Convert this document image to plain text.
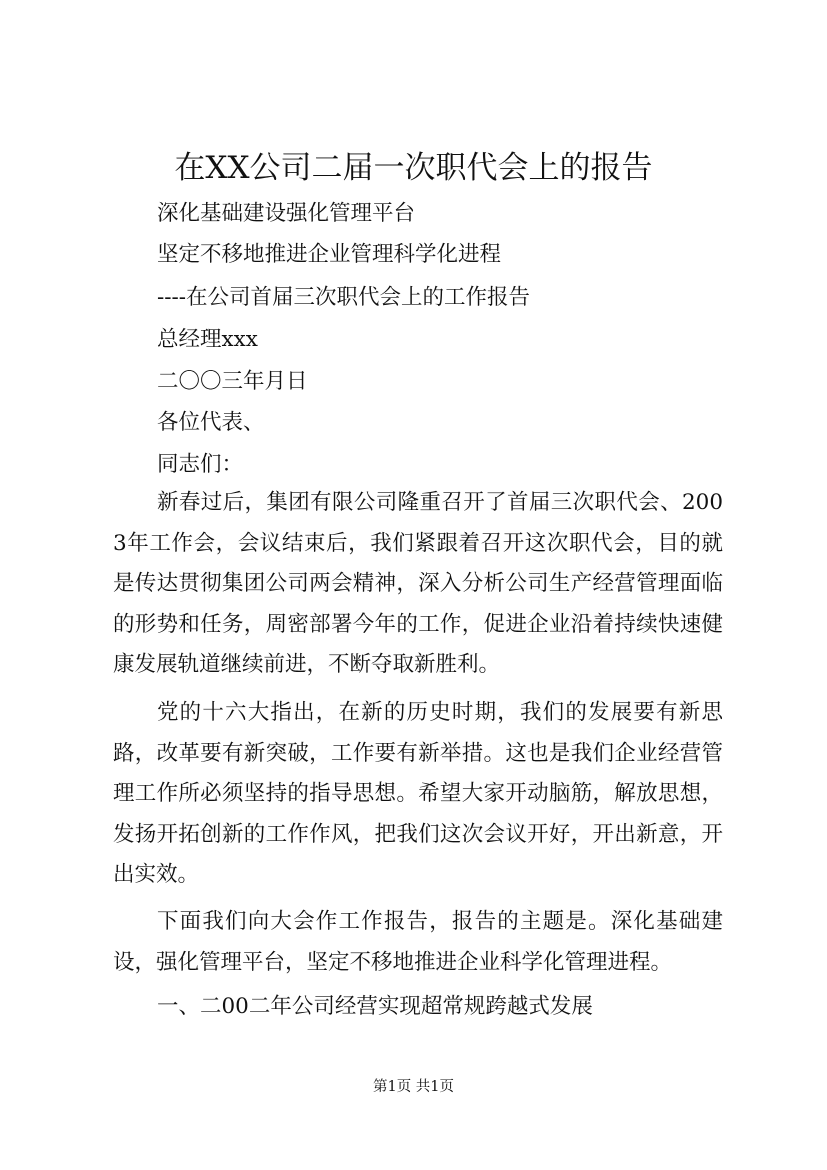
在XX公司二届一次职代会上的报告
深化基础建设强化管理平台
坚定不移地推进企业管理科学化进程
----在公司首届三次职代会上的工作报告
总经理xxx
二〇〇三年月日
各位代表、
同志们：
新春过后，集团有限公司隆重召开了首届三次职代会、2003年工作会，会议结束后，我们紧跟着召开这次职代会，目的就是传达贯彻集团公司两会精神，深入分析公司生产经营管理面临的形势和任务，周密部署今年的工作，促进企业沿着持续快速健康发展轨道继续前进，不断夺取新胜利。
党的十六大指出，在新的历史时期，我们的发展要有新思路，改革要有新突破，工作要有新举措。这也是我们企业经营管理工作所必须坚持的指导思想。希望大家开动脑筋，解放思想，发扬开拓创新的工作作风，把我们这次会议开好，开出新意，开出实效。
下面我们向大会作工作报告，报告的主题是。深化基础建设，强化管理平台，坚定不移地推进企业科学化管理进程。
一、二00二年公司经营实现超常规跨越式发展
第1页 共1页
